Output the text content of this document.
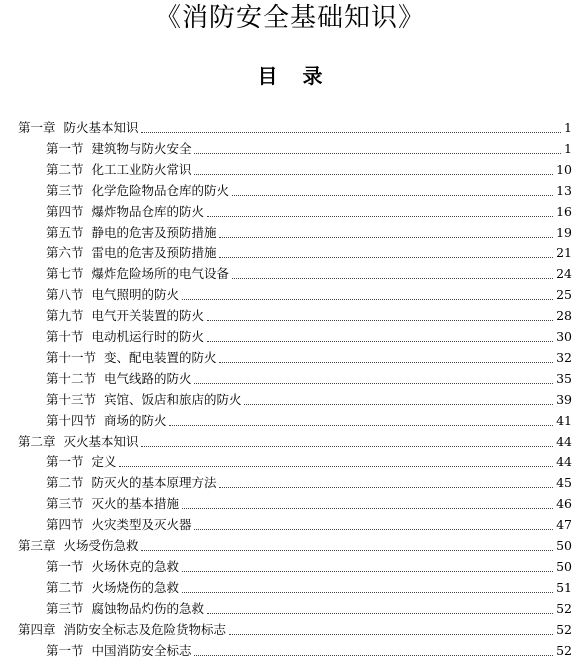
《消防安全基础知识》
目 录
第一章  防火基本知识	1
第一节  建筑物与防火安全	1
第二节  化工工业防火常识	10
第三节  化学危险物品仓库的防火	13
第四节  爆炸物品仓库的防火	16
第五节  静电的危害及预防措施	19
第六节  雷电的危害及预防措施	21
第七节  爆炸危险场所的电气设备	24
第八节  电气照明的防火	25
第九节  电气开关装置的防火	28
第十节  电动机运行时的防火	30
第十一节  变、配电装置的防火	32
第十二节  电气线路的防火	35
第十三节  宾馆、饭店和旅店的防火	39
第十四节  商场的防火	41
第二章  灭火基本知识	44
第一节  定义	44
第二节  防灭火的基本原理方法	45
第三节  灭火的基本措施	46
第四节  火灾类型及灭火器	47
第三章  火场受伤急救	50
第一节  火场休克的急救	50
第二节  火场烧伤的急救	51
第三节  腐蚀物品灼伤的急救	52
第四章  消防安全标志及危险货物标志	52
第一节  中国消防安全标志	52
